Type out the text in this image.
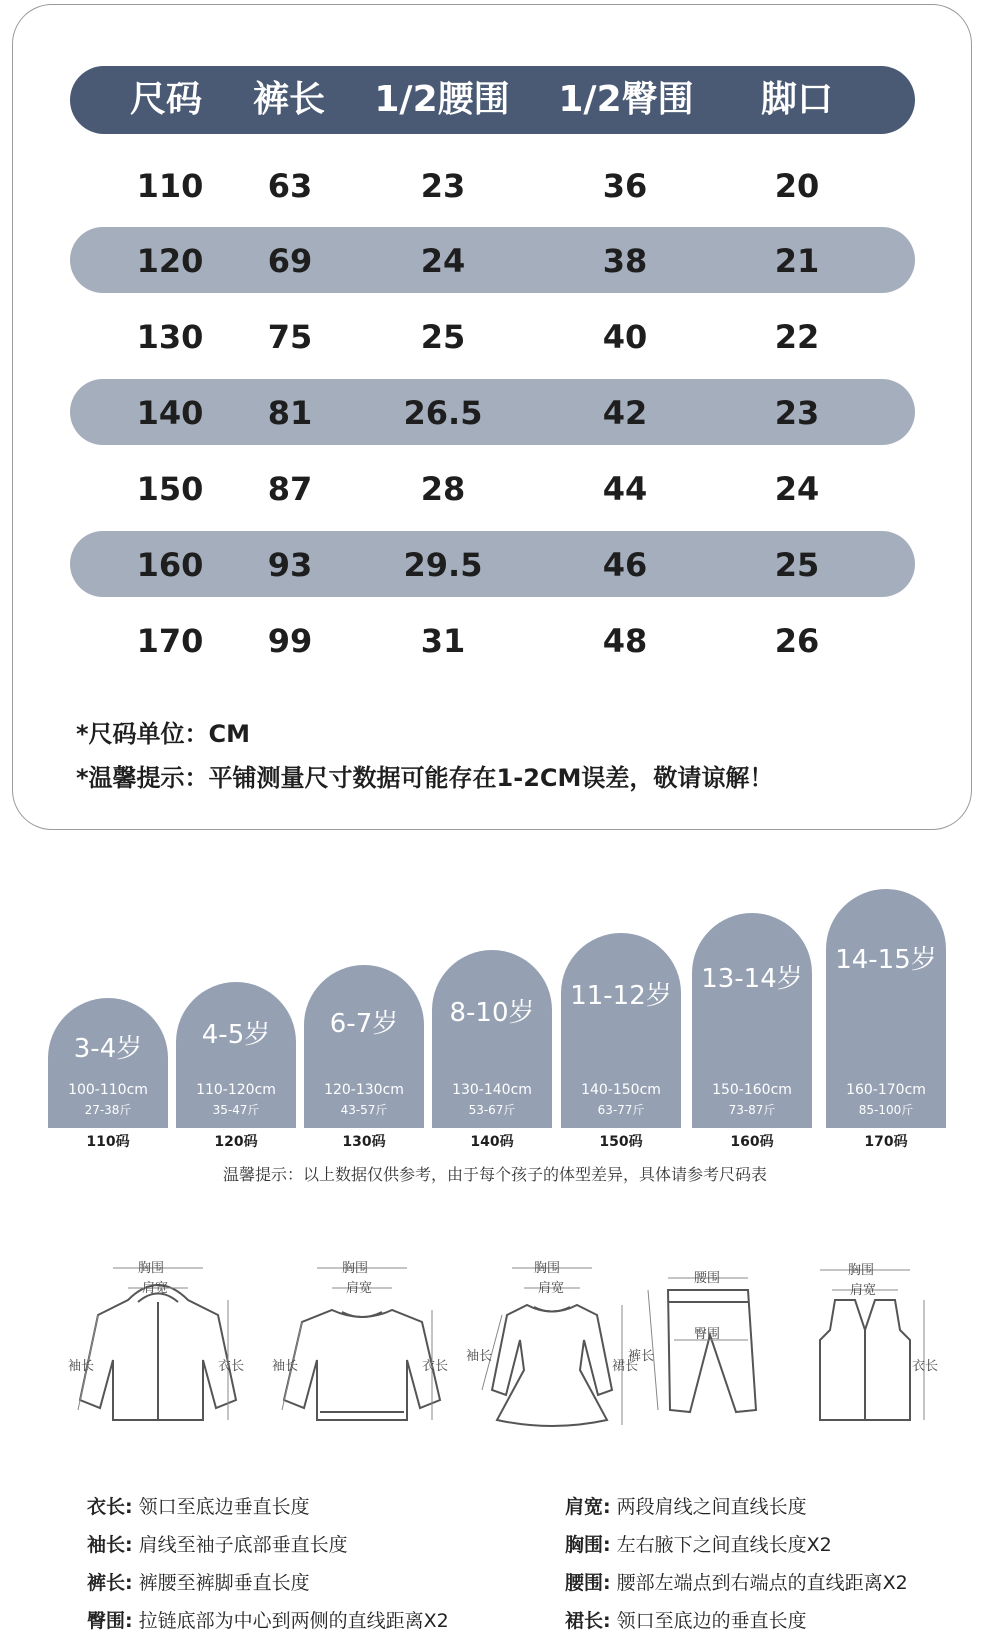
尺码 裤长 1/2腰围 1/2臀围 脚口
110 63	23	36	20
120 69	24	38	21
130 75	25	40	22
140 81	26.5	42	23
150 87	28	44	24
160 93	29.5	46	25
170 99	31	48	26
*尺码单位：CM
*温馨提示：平铺测量尺寸数据可能存在1-2CM误差，敬请谅解！
3-4岁
100-110cm
27-38斤
4-5岁
110-120cm
35-47斤
6-7岁
120-130cm
43-57斤
8-10岁
130-140cm
53-67斤
11-12岁
140-150cm
63-77斤
13-14岁
150-160cm
73-87斤
14-15岁
160-170cm
85-100斤
110码	120码	130码	140码	150码	160码	170码
温馨提示：以上数据仅供参考，由于每个孩子的体型差异，具体请参考尺码表
胸围
肩宽
袖长	衣长
胸围
肩宽
袖长	衣长
胸围
肩宽
袖长
裙长
腰围
臀围
裤长
胸围
肩宽
衣长
衣长: 领口至底边垂直长度	肩宽: 两段肩线之间直线长度
袖长: 肩线至袖子底部垂直长度	胸围: 左右腋下之间直线长度X2
裤长: 裤腰至裤脚垂直长度	腰围: 腰部左端点到右端点的直线距离X2
臀围: 拉链底部为中心到两侧的直线距离X2	裙长: 领口至底边的垂直长度
